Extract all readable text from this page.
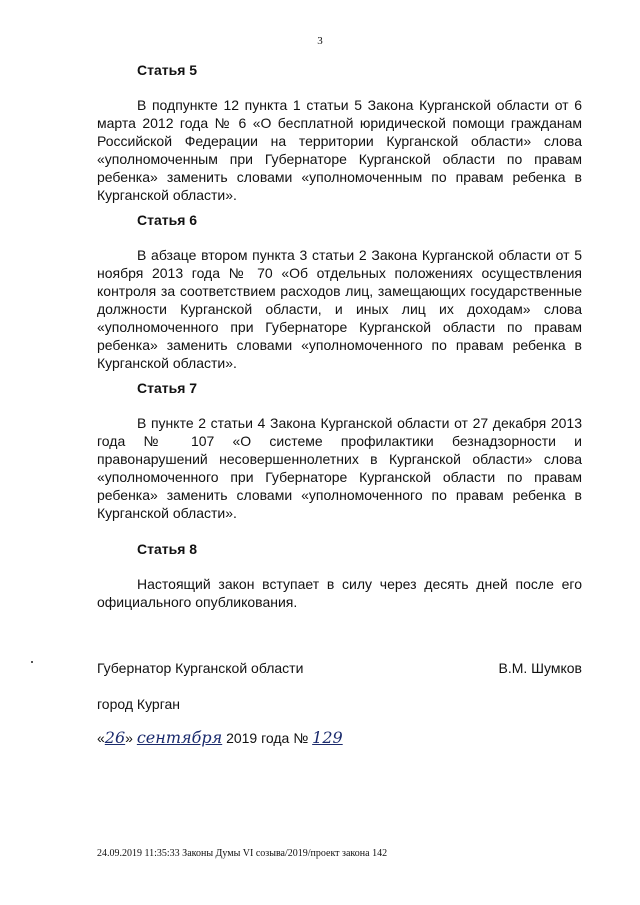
3
Статья 5
В подпункте 12 пункта 1 статьи 5 Закона Курганской области от 6 марта 2012 года № 6 «О бесплатной юридической помощи гражданам Российской Федерации на территории Курганской области» слова «уполномоченным при Губернаторе Курганской области по правам ребенка» заменить словами «уполномоченным по правам ребенка в Курганской области».
Статья 6
В абзаце втором пункта 3 статьи 2 Закона Курганской области от 5 ноября 2013 года № 70 «Об отдельных положениях осуществления контроля за соответствием расходов лиц, замещающих государственные должности Курганской области, и иных лиц их доходам» слова «уполномоченного при Губернаторе Курганской области по правам ребенка» заменить словами «уполномоченного по правам ребенка в Курганской области».
Статья 7
В пункте 2 статьи 4 Закона Курганской области от 27 декабря 2013 года № 107 «О системе профилактики безнадзорности и правонарушений несовершеннолетних в Курганской области» слова «уполномоченного при Губернаторе Курганской области по правам ребенка» заменить словами «уполномоченного по правам ребенка в Курганской области».
Статья 8
Настоящий закон вступает в силу через десять дней после его официального опубликования.
Губернатор Курганской области	В.М. Шумков
город Курган
«26» сентября 2019 года № 129
24.09.2019 11:35:33 Законы Думы VI созыва/2019/проект закона 142
